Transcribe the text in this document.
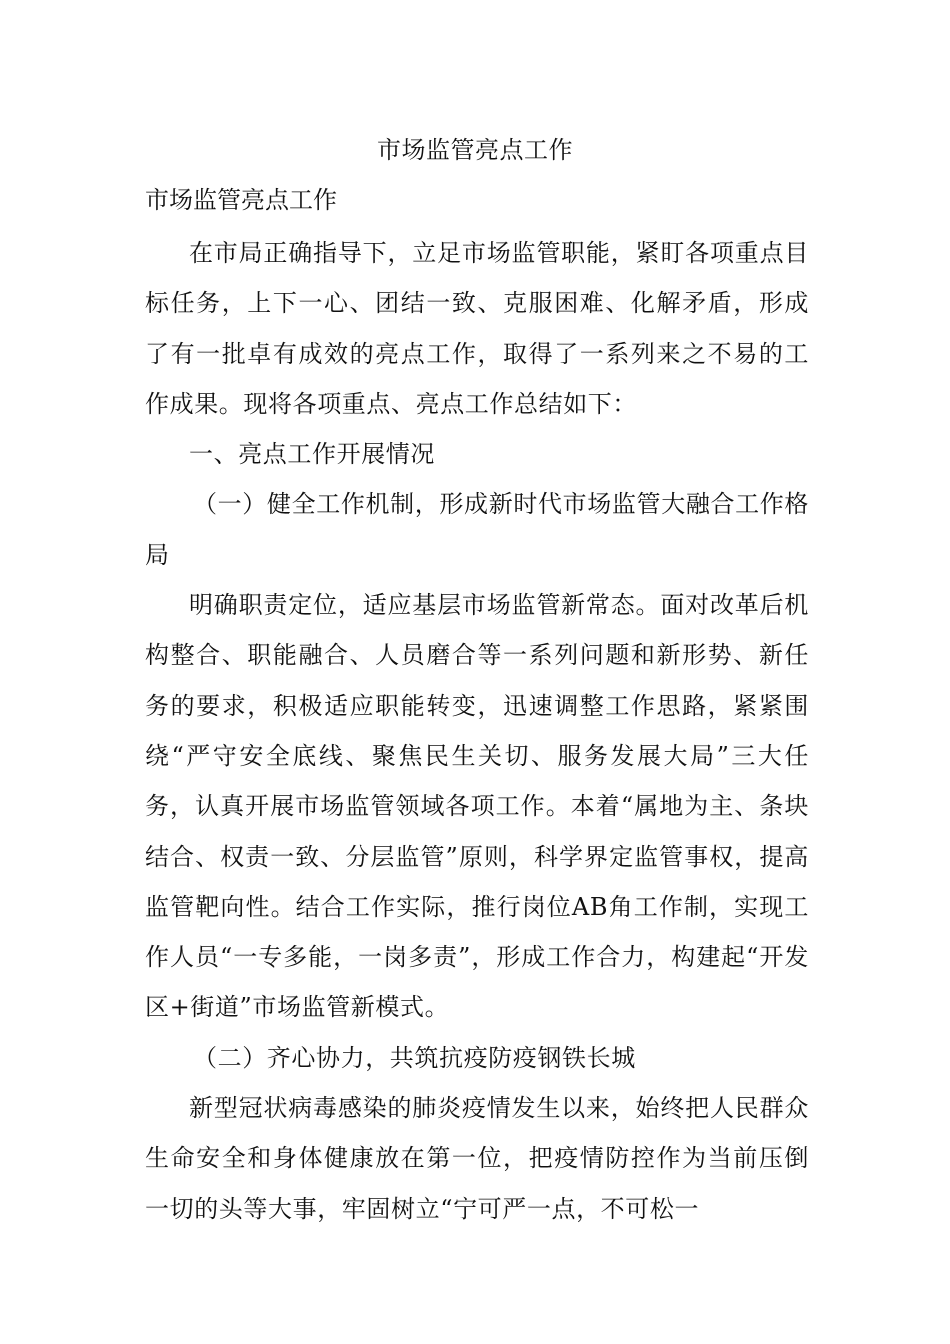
市场监管亮点工作
市场监管亮点工作

在市局正确指导下，立足市场监管职能，紧盯各项重点目标任务，上下一心、团结一致、克服困难、化解矛盾，形成了有一批卓有成效的亮点工作，取得了一系列来之不易的工作成果。现将各项重点、亮点工作总结如下：

一、亮点工作开展情况

（一）健全工作机制，形成新时代市场监管大融合工作格局

明确职责定位，适应基层市场监管新常态。面对改革后机构整合、职能融合、人员磨合等一系列问题和新形势、新任务的要求，积极适应职能转变，迅速调整工作思路，紧紧围绕“严守安全底线、聚焦民生关切、服务发展大局”三大任务，认真开展市场监管领域各项工作。本着“属地为主、条块结合、权责一致、分层监管”原则，科学界定监管事权，提高监管靶向性。结合工作实际，推行岗位AB角工作制，实现工作人员“一专多能，一岗多责”，形成工作合力，构建起“开发区+街道”市场监管新模式。

（二）齐心协力，共筑抗疫防疫钢铁长城

新型冠状病毒感染的肺炎疫情发生以来，始终把人民群众生命安全和身体健康放在第一位，把疫情防控作为当前压倒一切的头等大事，牢固树立“宁可严一点，不可松一
